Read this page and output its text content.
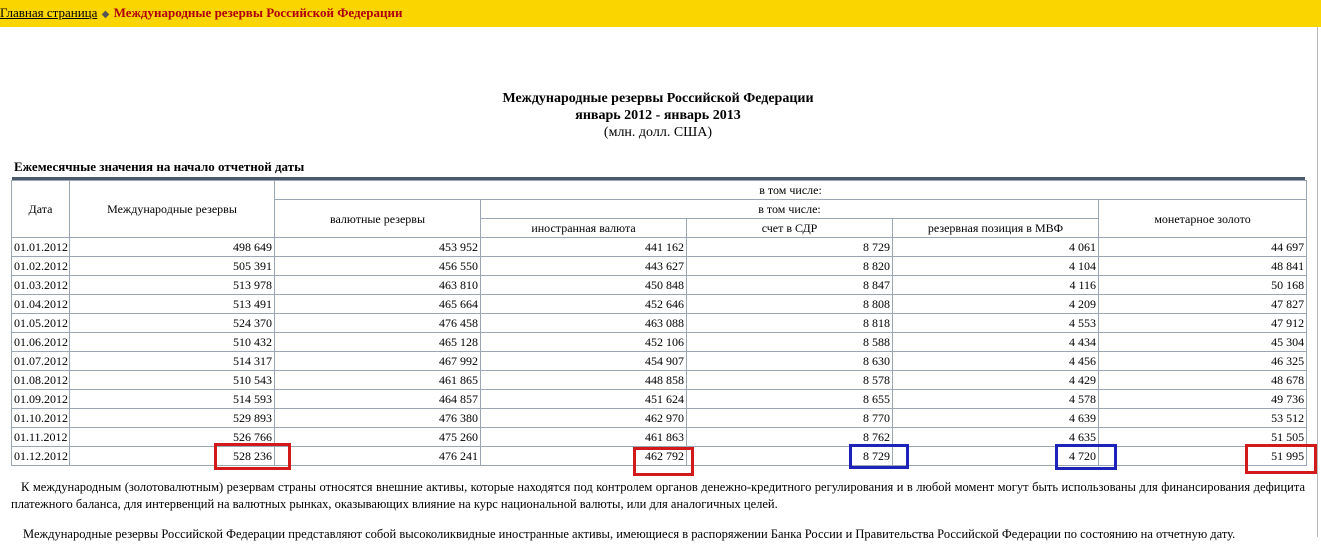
Главная страница ◆ Международные резервы Российской Федерации
Международные резервы Российской Федерации
январь 2012 - январь 2013
(млн. долл. США)
Ежемесячные значения на начало отчетной даты
Дата	Международные резервы	в том числе:				
		валютные резервы	в том числе:			монетарное золото
			иностранная валюта	счет в СДР	резервная позиция в МВФ	
01.01.2012	498 649	453 952	441 162	8 729	4 061	44 697
01.02.2012	505 391	456 550	443 627	8 820	4 104	48 841
01.03.2012	513 978	463 810	450 848	8 847	4 116	50 168
01.04.2012	513 491	465 664	452 646	8 808	4 209	47 827
01.05.2012	524 370	476 458	463 088	8 818	4 553	47 912
01.06.2012	510 432	465 128	452 106	8 588	4 434	45 304
01.07.2012	514 317	467 992	454 907	8 630	4 456	46 325
01.08.2012	510 543	461 865	448 858	8 578	4 429	48 678
01.09.2012	514 593	464 857	451 624	8 655	4 578	49 736
01.10.2012	529 893	476 380	462 970	8 770	4 639	53 512
01.11.2012	526 766	475 260	461 863	8 762	4 635	51 505
01.12.2012	528 236	476 241	462 792	8 729	4 720	51 995
К международным (золотовалютным) резервам страны относятся внешние активы, которые находятся под контролем органов денежно-кредитного регулирования и в любой момент могут быть использованы для финансирования дефицита платежного баланса, для интервенций на валютных рынках, оказывающих влияние на курс национальной валюты, или для аналогичных целей.
Международные резервы Российской Федерации представляют собой высоколиквидные иностранные активы, имеющиеся в распоряжении Банка России и Правительства Российской Федерации по состоянию на отчетную дату.
